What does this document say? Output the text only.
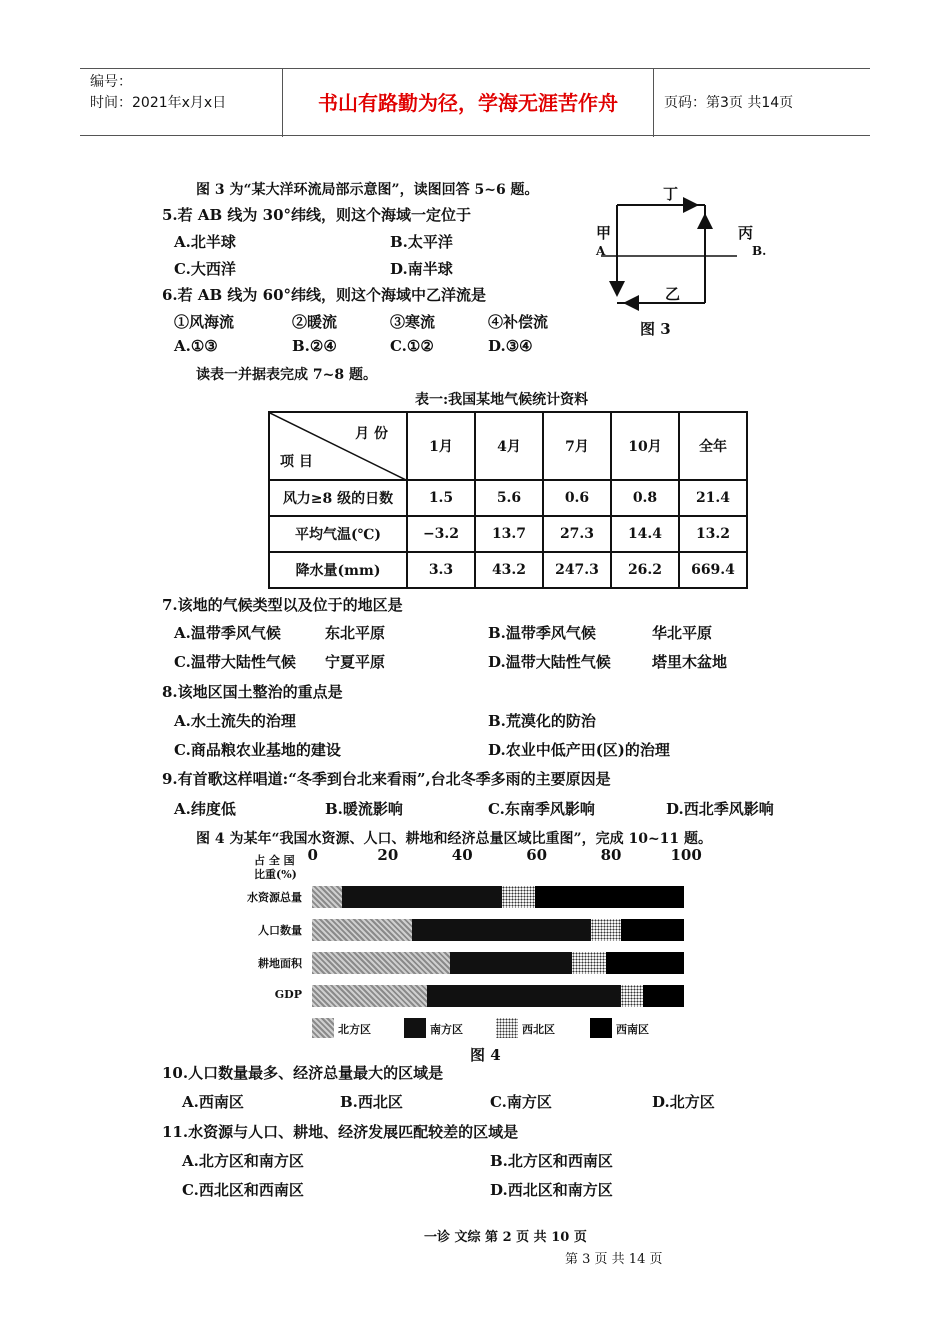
编号：
时间：2021年x月x日	书山有路勤为径，学海无涯苦作舟	页码：第3页 共14页
图 3 为“某大洋环流局部示意图”，读图回答 5~6 题。
5.若 AB 线为 30°纬线，则这个海域一定位于
A.北半球	B.太平洋
C.大西洋	D.南半球
6.若 AB 线为 60°纬线，则这个海域中乙洋流是
①风海流	②暖流	③寒流	④补偿流
A.①③	B.②④	C.①②	D.③④
丁
甲	丙
A	B.
乙
图 3
读表一并据表完成 7~8 题。
表一:我国某地气候统计资料
月 份
项 目	1月	4月	7月	10月	全年
风力≥8 级的日数	1.5	5.6	0.6	0.8	21.4
平均气温(℃)	−3.2	13.7	27.3	14.4	13.2
降水量(mm)	3.3	43.2	247.3	26.2	669.4
7.该地的气候类型以及位于的地区是
A.温带季风气候	东北平原	B.温带季风气候	华北平原
C.温带大陆性气候 宁夏平原	D.温带大陆性气候	塔里木盆地
8.该地区国土整治的重点是
A.水土流失的治理	B.荒漠化的防治
C.商品粮农业基地的建设	D.农业中低产田(区)的治理
9.有首歌这样唱道:“冬季到台北来看雨”,台北冬季多雨的主要原因是
A.纬度低	B.暖流影响	C.东南季风影响	D.西北季风影响
图 4 为某年“我国水资源、人口、耕地和经济总量区域比重图”，完成 10~11 题。
占 全 国
比重(%)
0	20	40	60	80	100
水资源总量
人口数量
耕地面积
GDP
北方区	南方区	西北区	西南区
图 4
10.人口数量最多、经济总量最大的区域是
A.西南区	B.西北区	C.南方区	D.北方区
11.水资源与人口、耕地、经济发展匹配较差的区域是
A.北方区和南方区	B.北方区和西南区
C.西北区和西南区	D.西北区和南方区
一诊 文综 第 2 页 共 10 页
第 3 页 共 14 页
